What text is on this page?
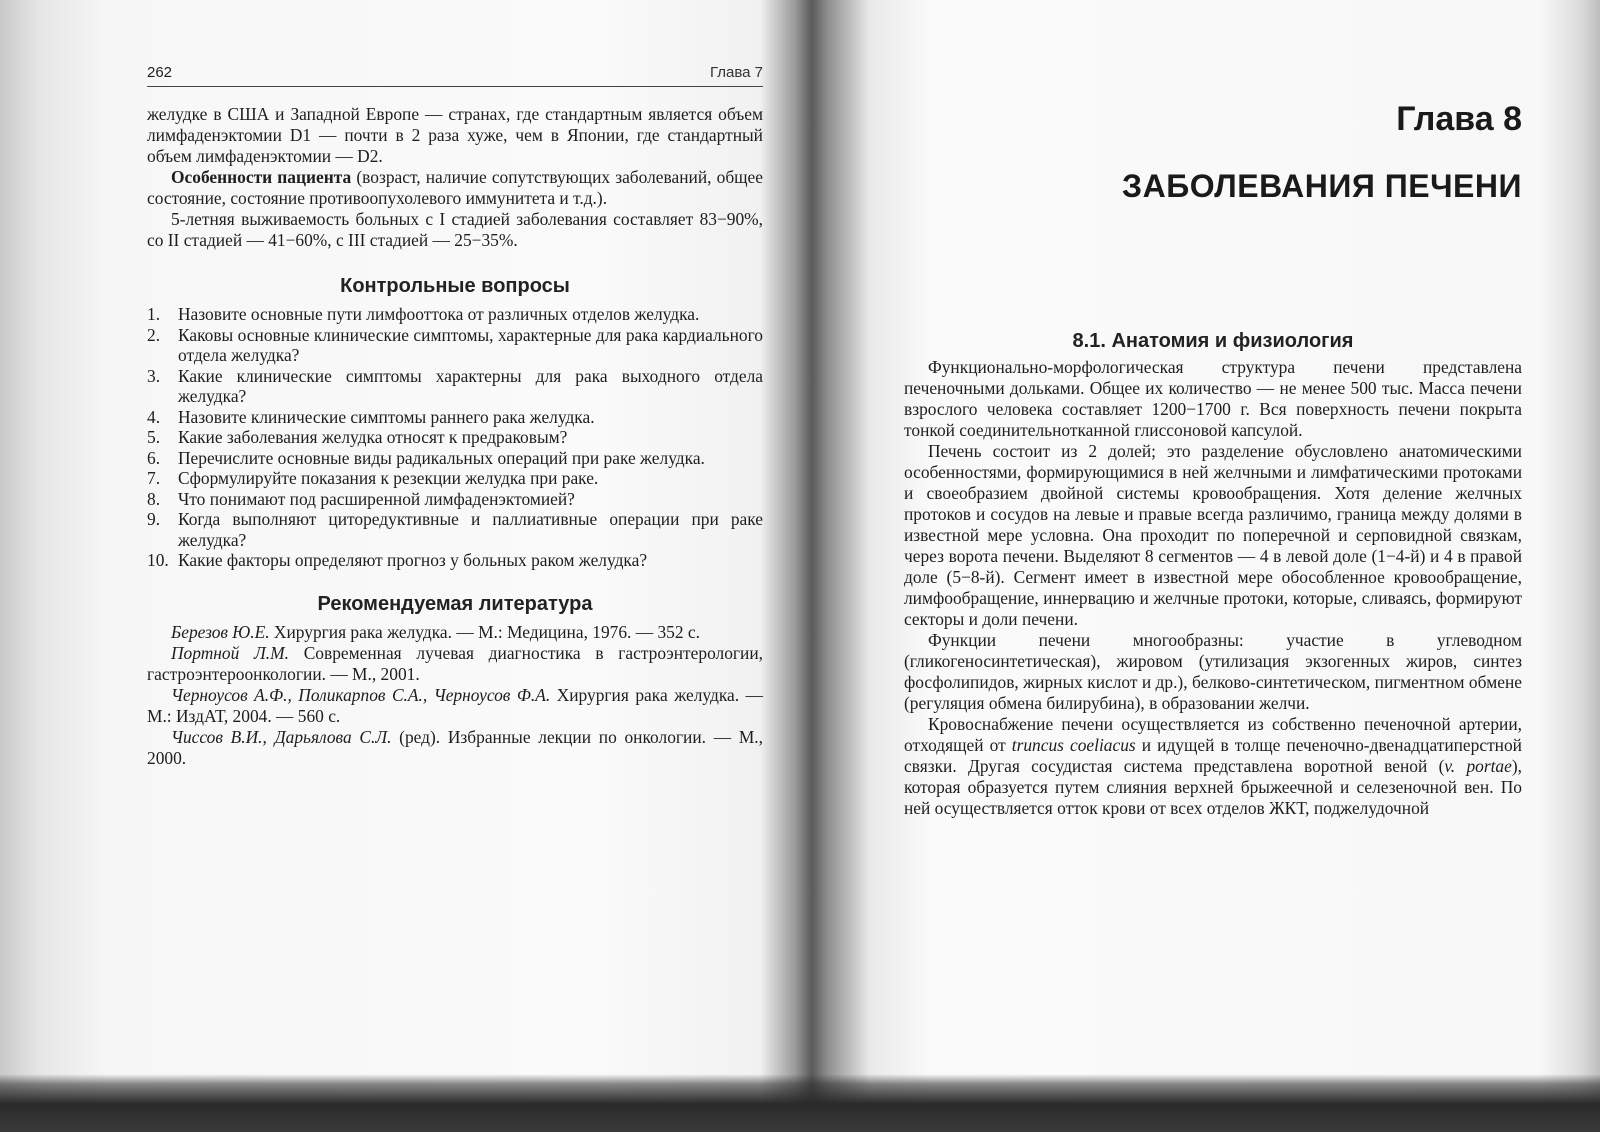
262	Глава 7

желудке в США и Западной Европе — странах, где стандартным является объем лимфаденэктомии D1 — почти в 2 раза хуже, чем в Японии, где стандартный объем лимфаденэктомии — D2.

Особенности пациента (возраст, наличие сопутствующих заболеваний, общее состояние, состояние противоопухолевого иммунитета и т.д.).

5-летняя выживаемость больных с I стадией заболевания составляет 83−90%, со II стадией — 41−60%, с III стадией — 25−35%.

Контрольные вопросы
1. Назовите основные пути лимфооттока от различных отделов желудка.
2. Каковы основные клинические симптомы, характерные для рака кардиального отдела желудка?
3. Какие клинические симптомы характерны для рака выходного отдела желудка?
4. Назовите клинические симптомы раннего рака желудка.
5. Какие заболевания желудка относят к предраковым?
6. Перечислите основные виды радикальных операций при раке желудка.
7. Сформулируйте показания к резекции желудка при раке.
8. Что понимают под расширенной лимфаденэктомией?
9. Когда выполняют циторедуктивные и паллиативные операции при раке желудка?
10. Какие факторы определяют прогноз у больных раком желудка?
Рекомендуемая литература

Березов Ю.Е. Хирургия рака желудка. — М.: Медицина, 1976. — 352 с.

Портной Л.М. Современная лучевая диагностика в гастроэнтерологии, гастроэнтероонкологии. — М., 2001.

Черноусов А.Ф., Поликарпов С.А., Черноусов Ф.А. Хирургия рака желудка. — М.: ИздАТ, 2004. — 560 с.

Чиссов В.И., Дарьялова С.Л. (ред). Избранные лекции по онкологии. — М., 2000.

Глава 8
ЗАБОЛЕВАНИЯ ПЕЧЕНИ
8.1. Анатомия и физиология

Функционально-морфологическая структура печени представлена печеночными дольками. Общее их количество — не менее 500 тыс. Масса печени взрослого человека составляет 1200−1700 г. Вся поверхность печени покрыта тонкой соединительнотканной глиссоновой капсулой.

Печень состоит из 2 долей; это разделение обусловлено анатомическими особенностями, формирующимися в ней желчными и лимфатическими протоками и своеобразием двойной системы кровообращения. Хотя деление желчных протоков и сосудов на левые и правые всегда различимо, граница между долями в известной мере условна. Она проходит по поперечной и серповидной связкам, через ворота печени. Выделяют 8 сегментов — 4 в левой доле (1−4-й) и 4 в правой доле (5−8-й). Сегмент имеет в известной мере обособленное кровообращение, лимфообращение, иннервацию и желчные протоки, которые, сливаясь, формируют секторы и доли печени.

Функции печени многообразны: участие в углеводном (гликогеносинтетическая), жировом (утилизация экзогенных жиров, синтез фосфолипидов, жирных кислот и др.), белково-синтетическом, пигментном обмене (регуляция обмена билирубина), в образовании желчи.

Кровоснабжение печени осуществляется из собственно печеночной артерии, отходящей от truncus coeliacus и идущей в толще печеночно-двенадцатиперстной связки. Другая сосудистая система представлена воротной веной (v. portae), которая образуется путем слияния верхней брыжеечной и селезеночной вен. По ней осуществляется отток крови от всех отделов ЖКТ, поджелудочной
